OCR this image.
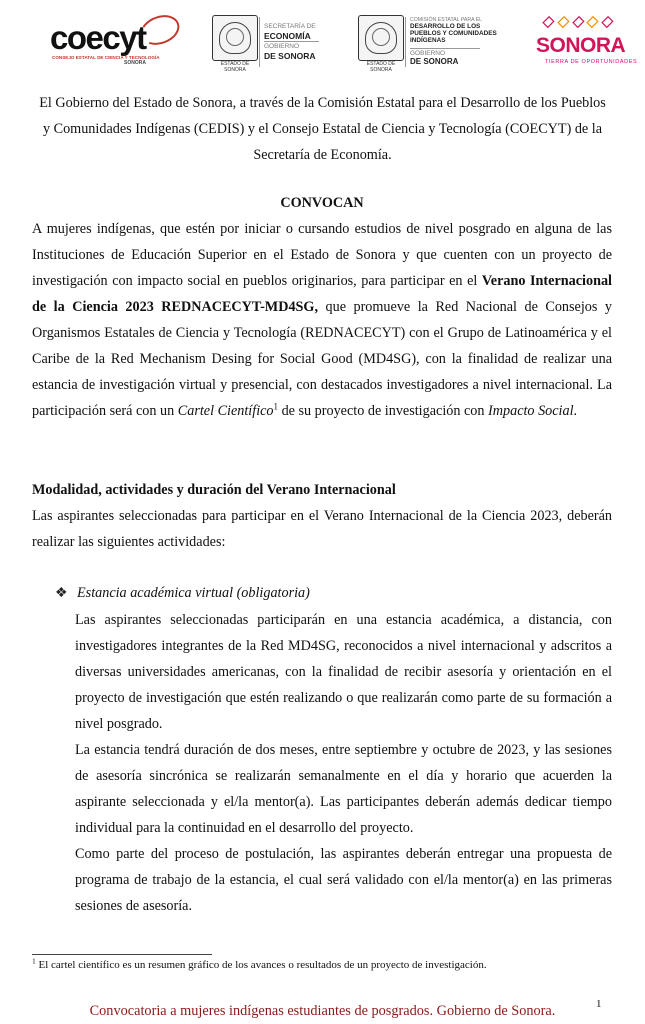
coecyt
CONSEJO ESTATAL DE CIENCIA Y TECNOLOGÍA
SONORA	ESTADO DE SONORA
SECRETARÍA DE
ECONOMÍA
GOBIERNO
DE SONORA
ESTADO DE SONORA
COMISIÓN ESTATAL PARA EL
DESARROLLO DE LOS
PUEBLOS Y COMUNIDADES
INDÍGENAS
GOBIERNO
DE SONORA
SONORA
TIERRA DE OPORTUNIDADES

El Gobierno del Estado de Sonora, a través de la Comisión Estatal para el Desarrollo de los Pueblos y Comunidades Indígenas (CEDIS) y el Consejo Estatal de Ciencia y Tecnología (COECYT) de la Secretaría de Economía.

CONVOCAN

A mujeres indígenas, que estén por iniciar o cursando estudios de nivel posgrado en alguna de las Instituciones de Educación Superior en el Estado de Sonora y que cuenten con un proyecto de investigación con impacto social en pueblos originarios, para participar en el Verano Internacional de la Ciencia 2023 REDNACECYT-MD4SG, que promueve la Red Nacional de Consejos y Organismos Estatales de Ciencia y Tecnología (REDNACECYT) con el Grupo de Latinoamérica y el Caribe de la Red Mechanism Desing for Social Good (MD4SG), con la finalidad de realizar una estancia de investigación virtual y presencial, con destacados investigadores a nivel internacional. La participación será con un Cartel Científico$^1$ de su proyecto de investigación con Impacto Social.

Modalidad, actividades y duración del Verano Internacional

Las aspirantes seleccionadas para participar en el Verano Internacional de la Ciencia 2023, deberán realizar las siguientes actividades:

❖ Estancia académica virtual (obligatoria)

Las aspirantes seleccionadas participarán en una estancia académica, a distancia, con investigadores integrantes de la Red MD4SG, reconocidos a nivel internacional y adscritos a diversas universidades americanas, con la finalidad de recibir asesoría y orientación en el proyecto de investigación que estén realizando o que realizarán como parte de su formación a nivel posgrado.

La estancia tendrá duración de dos meses, entre septiembre y octubre de 2023, y las sesiones de asesoría sincrónica se realizarán semanalmente en el día y horario que acuerden la aspirante seleccionada y el/la mentor(a). Las participantes deberán además dedicar tiempo individual para la continuidad en el desarrollo del proyecto.

Como parte del proceso de postulación, las aspirantes deberán entregar una propuesta de programa de trabajo de la estancia, el cual será validado con el/la mentor(a) en las primeras sesiones de asesoría.

$^1$ El cartel científico es un resumen gráfico de los avances o resultados de un proyecto de investigación.
1
Convocatoria a mujeres indígenas estudiantes de posgrados. Gobierno de Sonora.
